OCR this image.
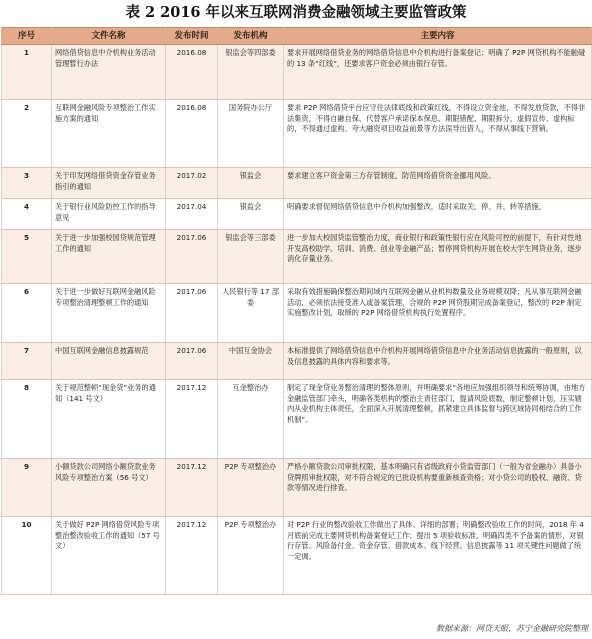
表 2 2016 年以来互联网消费金融领域主要监管政策
序号	文件名称	发布时间	发布机构	主要内容
1	网络借贷信息中介机构业务活动管理暂行办法	2016.08	银监会等四部委	要求开展网络借贷业务的网络借贷信息中介机构进行备案登记；明确了 P2P 网贷机构不能触碰的 13 条“红线”，还要求客户资金必须由银行存管。
2	互联网金融风险专项整治工作实施方案的通知	2016.08	国务院办公厅	要求 P2P 网络借贷平台应守住法律底线和政策红线，不得设立资金池，不得发放贷款，不得非法集资，不得自融自保、代替客户承诺保本保息、期限错配、期限拆分、虚假宣传、虚构标的，不得通过虚构、夸大融资项目收益前景等方法误导出借人，不得从事线下营销。
3	关于印发网络借贷资金存管业务指引的通知	2017.02	银监会	要求建立客户资金第三方存管制度，防范网络借贷资金挪用风险。
4	关于银行业风险防控工作的指导意见	2017.04	银监会	明确要求督促网络借贷信息中介机构加强整改，适时采取关、停、并、转等措施。
5	关于进一步加强校园贷规范管理工作的通知	2017.06	银监会等三部委	进一步加大校园贷监管整治力度，商业银行和政策性银行应在风险可控的前提下，有针对性地开发高校助学、培训、消费、创业等金融产品；暂停网贷机构开展在校大学生网贷业务，逐步消化存量业务。
6	关于进一步做好互联网金融风险专项整治清理整顿工作的通知	2017.06	人民银行等 17 部委	采取有效措施确保整治期间域内互联网金融从业机构数量及业务规模双降；凡从事互联网金融活动，必须依法接受准入或备案管理，合规的 P2P 网贷股期完成备案登记，整改的 P2P 制定实施整改计划，取缔的 P2P 网络借贷机构执行处置程序。
7	中国互联网金融信息披露规范	2017.06	中国互金协会	本标准提供了网络借贷信息中介机构开展网络借贷信息中介业务活动信息披露的一般原则，以及信息披露的具体内容和要求等。
8	关于规范整顿“现金贷”业务的通知（141 号文）	2017.12	互金整治办	制定了现金贷业务整治清理的整体原则，并明确要求“各地应加强组织领导和统筹协调，由地方金融监管部门牵头，明确各类机构的整治主责任部门，提请风险底数，制定整顿计划，压实辖内从业机构主体责任，全面深入开展清理整顿，抓紧建立具体监督与跨区域协同相结合的工作机制”。
9	小额贷款公司网络小额贷款业务风险专项整治方案（56 号文）	2017.12	P2P 专项整治办	严格小额贷款公司审批权限，基本明确只有省级政府小贷监管部门（一般为省金融办）具备小贷牌照审批权限，对不符合规定的已批设机构要重新核查资格；对小贷公司的股权、融资、贷款等情况进行排查。
10	关于做好 P2P 网络借贷风险专项整治整改验收工作的通知（57 号文）	2017.12	P2P 专项整治办	对 P2P 行业的整改验收工作做出了具体、详细的部署；明确整改验收工作的时间，2018 年 4 月底前完成主要网贷机构备案登记工作；提出 5 项验收标准，明确四类不予备案的情形，对银行存管、风险备付金、资金存管、借款成本、线下经营、信息披露等 11 项关键性问题做了统一定调。
数据来源：网贷天眼，苏宁金融研究院整理
